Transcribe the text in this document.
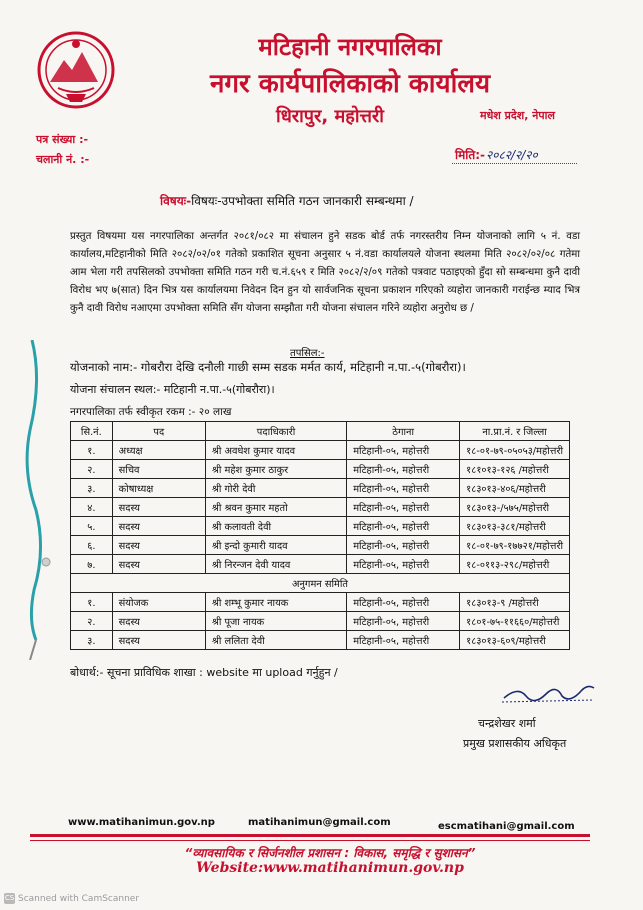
मटिहानी नगरपालिका
नगर कार्यपालिकाको कार्यालय
धिरापुर, महोत्तरी	मधेश प्रदेश, नेपाल
पत्र संख्या :-
चलानी नं. :-	मिति:- २०८२/२/२०
विषयः-विषयः-उपभोक्ता समिति गठन जानकारी सम्बन्धमा /
प्रस्तुत विषयमा यस नगरपालिका अन्तर्गत २०८१/०८२ मा संचालन हुने सडक बोर्ड तर्फ नगरस्तरीय निम्न योजनाको लागि ५ नं. वडा कार्यालय,मटिहानीको मिति २०८२/०२/०१ गतेको प्रकाशित सूचना अनुसार ५ नं.वडा कार्यालयले योजना स्थलमा मिति २०८२/०२/०८ गतेमा आम भेला गरी तपसिलको उपभोक्ता समिति गठन गरी च.नं.६५९ र मिति २०८२/२/०९ गतेको पत्रवाट पठाइएको हुँदा सो सम्बन्धमा कुनै दावी विरोध भए ७(सात) दिन भित्र यस कार्यालयमा निवेदन दिन हुन यो सार्वजनिक सूचना प्रकाशन गरिएको व्यहोरा जानकारी गराईन्छ म्याद भित्र कुनै दावी विरोध नआएमा उपभोक्ता समिति सँग योजना सम्झौता गरी योजना संचालन गरिने व्यहोरा अनुरोध छ /
तपसिल:-
योजनाको नाम:- गोबरौरा देखि दनौली गाछी सम्म सडक मर्मत कार्य, मटिहानी न.पा.-५(गोबरौरा)।
योजना संचालन स्थल:- मटिहानी न.पा.-५(गोबरौरा)।
नगरपालिका तर्फ स्वीकृत रकम :- २० लाख
सि.नं.	पद	पदाधिकारी	ठेगाना	ना.प्रा.नं. र जिल्ला
१.	अध्यक्ष	श्री अवधेश कुमार यादव	मटिहानी-०५, महोत्तरी	१८-०१-७९-०५०५३/महोत्तरी
२.	सचिव	श्री महेश कुमार ठाकुर	मटिहानी-०५, महोत्तरी	१८१०१३-१२६ /महोत्तरी
३.	कोषाध्यक्ष	श्री गोरी देवी	मटिहानी-०५, महोत्तरी	१८३०१३-४०६/महोत्तरी
४.	सदस्य	श्री श्रवन कुमार महतो	मटिहानी-०५, महोत्तरी	१८३०१३-/५७५/महोत्तरी
५.	सदस्य	श्री कलावती देवी	मटिहानी-०५, महोत्तरी	१८३०१३-३८१/महोत्तरी
६.	सदस्य	श्री इन्दो कुमारी यादव	मटिहानी-०५, महोत्तरी	१८-०१-७९-१७७२१/महोत्तरी
७.	सदस्य	श्री निरन्जन देवी यादव	मटिहानी-०५, महोत्तरी	१८-०११३-२९८/महोत्तरी
अनुगमन समिति				
१.	संयोजक	श्री शम्भू कुमार नायक	मटिहानी-०५, महोत्तरी	१८३०१३-९ /महोत्तरी
२.	सदस्य	श्री पूजा नायक	मटिहानी-०५, महोत्तरी	१८०१-७५-११६६०/महोत्तरी
३.	सदस्य	श्री ललिता देवी	मटिहानी-०५, महोत्तरी	१८३०१३-६०९/महोत्तरी
बोधार्थ:- सूचना प्राविधिक शाखा : website मा upload गर्नुहुन /
चन्द्रशेखर शर्मा
प्रमुख प्रशासकीय अधिकृत
www.matihanimun.gov.np	matihanimun@gmail.com	escmatihani@gmail.com
“व्यावसायिक र सिर्जनशील प्रशासन : विकास, समृद्धि र सुशासन”
Website:www.matihanimun.gov.np
CS Scanned with CamScanner
